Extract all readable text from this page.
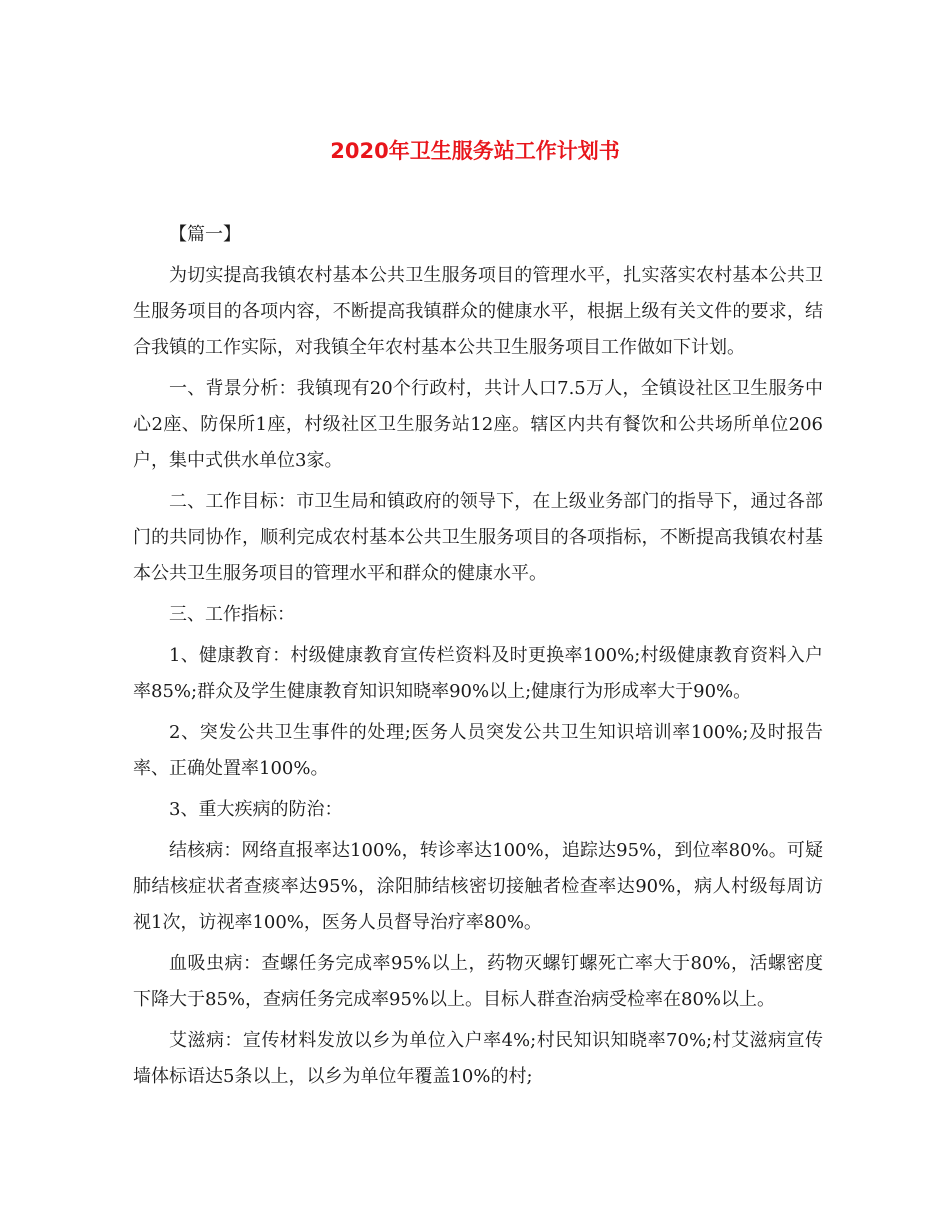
2020年卫生服务站工作计划书

【篇一】

为切实提高我镇农村基本公共卫生服务项目的管理水平，扎实落实农村基本公共卫生服务项目的各项内容，不断提高我镇群众的健康水平，根据上级有关文件的要求，结合我镇的工作实际，对我镇全年农村基本公共卫生服务项目工作做如下计划。

一、背景分析：我镇现有20个行政村，共计人口7.5万人，全镇设社区卫生服务中心2座、防保所1座，村级社区卫生服务站12座。辖区内共有餐饮和公共场所单位206户，集中式供水单位3家。

二、工作目标：市卫生局和镇政府的领导下，在上级业务部门的指导下，通过各部门的共同协作，顺利完成农村基本公共卫生服务项目的各项指标，不断提高我镇农村基本公共卫生服务项目的管理水平和群众的健康水平。

三、工作指标：

1、健康教育：村级健康教育宣传栏资料及时更换率100%;村级健康教育资料入户率85%;群众及学生健康教育知识知晓率90%以上;健康行为形成率大于90%。

2、突发公共卫生事件的处理;医务人员突发公共卫生知识培训率100%;及时报告率、正确处置率100%。

3、重大疾病的防治：

结核病：网络直报率达100%，转诊率达100%，追踪达95%，到位率80%。可疑肺结核症状者查痰率达95%，涂阳肺结核密切接触者检查率达90%，病人村级每周访视1次，访视率100%，医务人员督导治疗率80%。

血吸虫病：查螺任务完成率95%以上，药物灭螺钉螺死亡率大于80%，活螺密度下降大于85%，查病任务完成率95%以上。目标人群查治病受检率在80%以上。

艾滋病：宣传材料发放以乡为单位入户率4%;村民知识知晓率70%;村艾滋病宣传墙体标语达5条以上，以乡为单位年覆盖10%的村;
